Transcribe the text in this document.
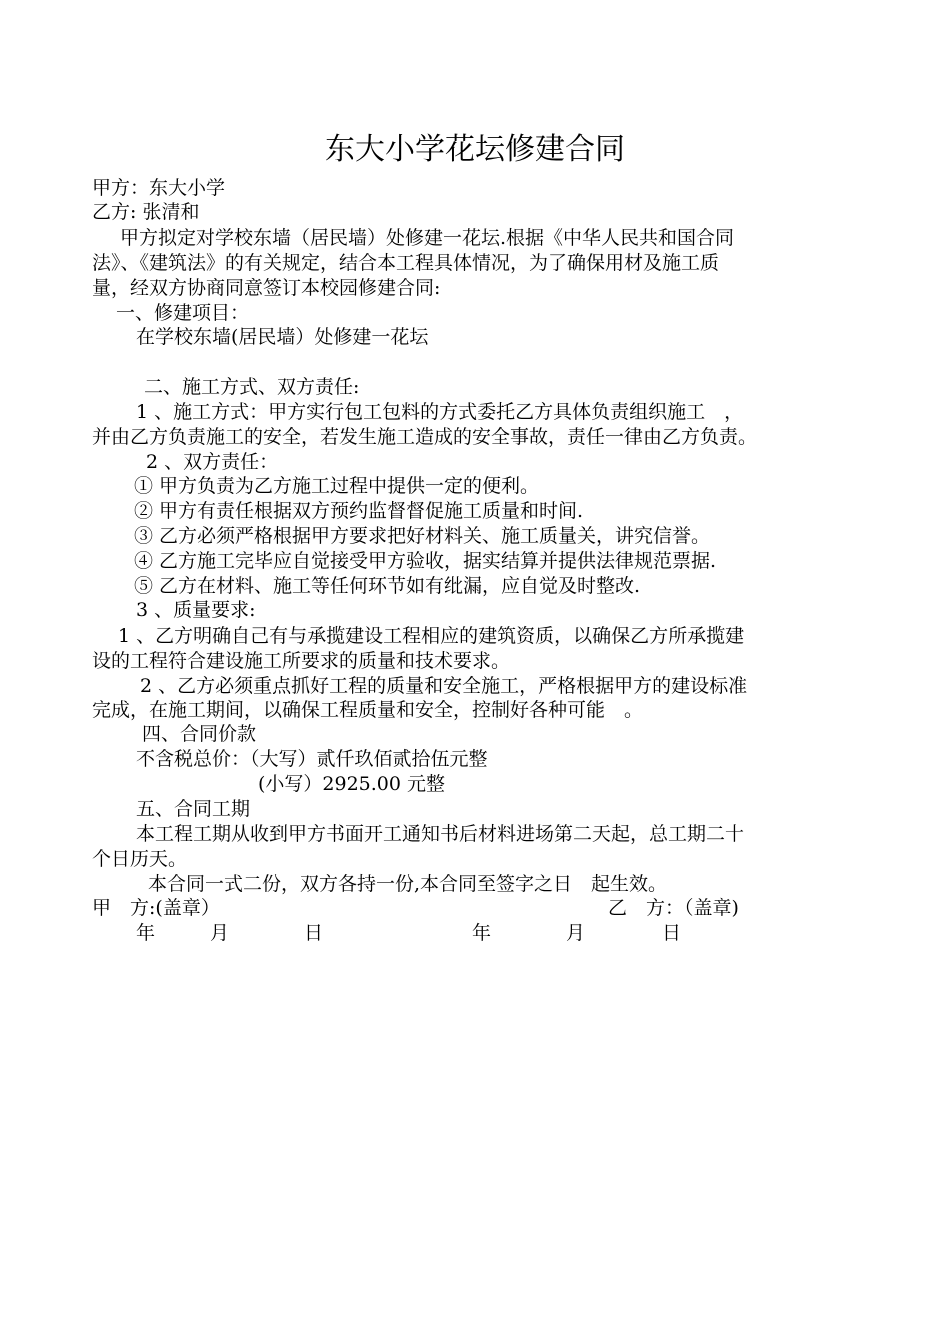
东大小学花坛修建合同
甲方：东大小学
乙方: 张清和
甲方拟定对学校东墙（居民墙）处修建一花坛.根据《中华人民共和国合同
法》、《建筑法》的有关规定，结合本工程具体情况，为了确保用材及施工质
量，经双方协商同意签订本校园修建合同:
一、修建项目：
在学校东墙(居民墙）处修建一花坛
二、施工方式、双方责任:
1 、施工方式：甲方实行包工包料的方式委托乙方具体负责组织施工　，
并由乙方负责施工的安全，若发生施工造成的安全事故，责任一律由乙方负责。
2 、双方责任：
① 甲方负责为乙方施工过程中提供一定的便利。
② 甲方有责任根据双方预约监督督促施工质量和时间.
③ 乙方必须严格根据甲方要求把好材料关、施工质量关，讲究信誉。
④ 乙方施工完毕应自觉接受甲方验收，据实结算并提供法律规范票据.
⑤ 乙方在材料、施工等任何环节如有纰漏，应自觉及时整改.
3 、质量要求:
1 、乙方明确自己有与承揽建设工程相应的建筑资质，以确保乙方所承揽建
设的工程符合建设施工所要求的质量和技术要求。
2 、乙方必须重点抓好工程的质量和安全施工，严格根据甲方的建设标准
完成，在施工期间，以确保工程质量和安全，控制好各种可能　。
四、合同价款
不含税总价：（大写）贰仟玖佰贰拾伍元整
(小写）2925.00 元整
五、合同工期
本工程工期从收到甲方书面开工通知书后材料进场第二天起，总工期二十
个日历天。
本合同一式二份，双方各持一份,本合同至签字之日　起生效。
甲　方:(盖章）	乙　方：（盖章)
年	月	日	年	月	日
